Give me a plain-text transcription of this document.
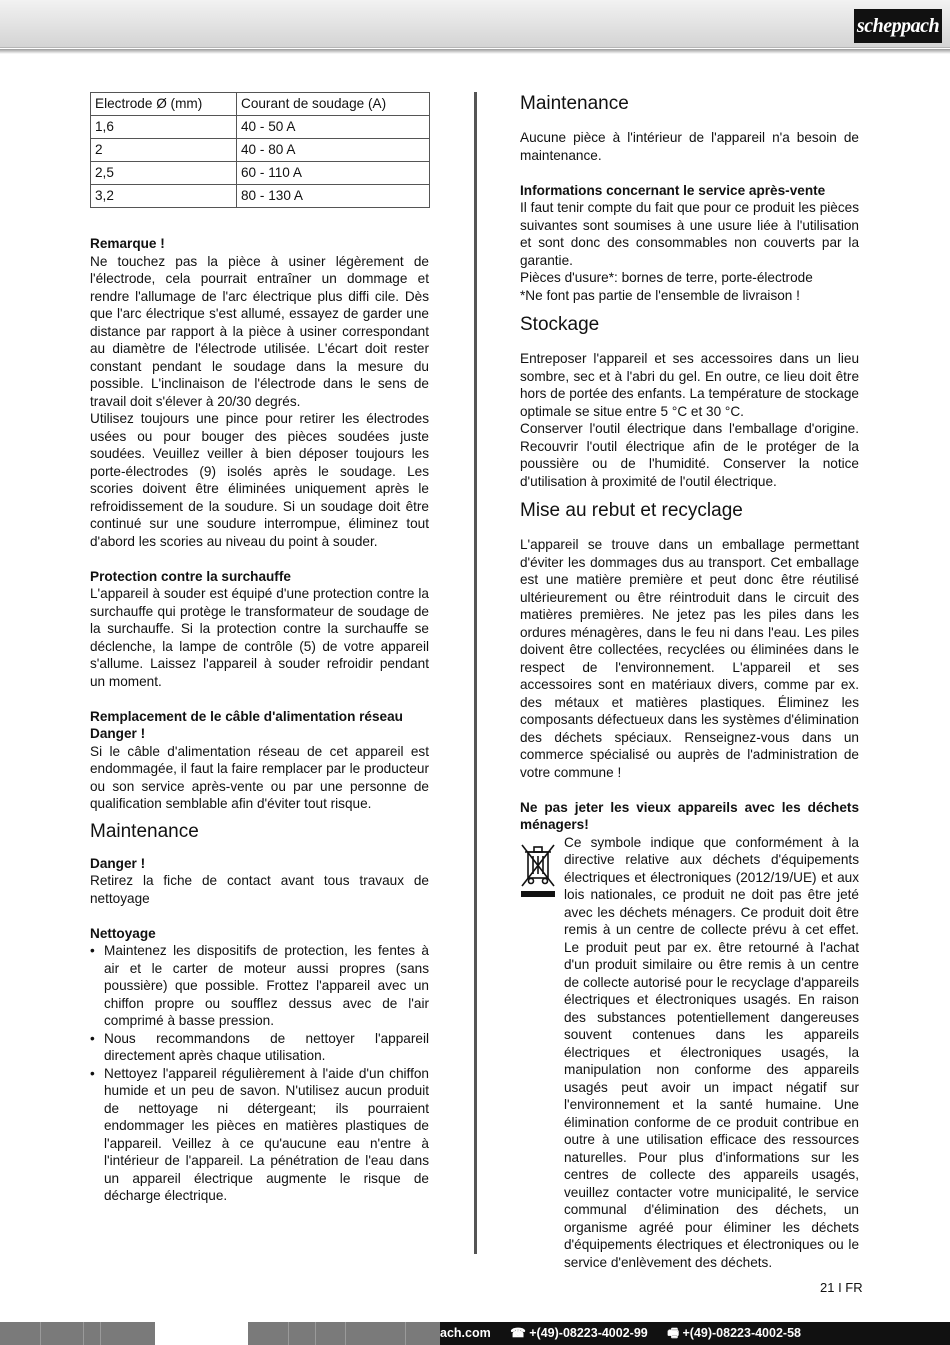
scheppach
Electrode Ø (mm)	Courant de soudage (A)
1,6	40 - 50 A
2	40 - 80 A
2,5	60 - 110 A
3,2	80 - 130 A

Remarque !

Ne touchez pas la pièce à usiner légèrement de l'électrode, cela pourrait entraîner un dommage et rendre l'allumage de l'arc électrique plus diffi cile. Dès que l'arc électrique s'est allumé, essayez de garder une distance par rapport à la pièce à usiner correspondant au diamètre de l'électrode utilisée. L'écart doit rester constant pendant le soudage dans la mesure du possible. L'inclinaison de l'électrode dans le sens de travail doit s'élever à 20/30 degrés.

Utilisez toujours une pince pour retirer les électrodes usées ou pour bouger des pièces soudées juste soudées. Veuillez veiller à bien déposer toujours les porte-électrodes (9) isolés après le soudage. Les scories doivent être éliminées uniquement après le refroidissement de la soudure. Si un soudage doit être continué sur une soudure interrompue, éliminez tout d'abord les scories au niveau du point à souder.

Protection contre la surchauffe

L'appareil à souder est équipé d'une protection contre la surchauffe qui protège le transformateur de soudage de la surchauffe. Si la protection contre la surchauffe se déclenche, la lampe de contrôle (5) de votre appareil s'allume. Laissez l'appareil à souder refroidir pendant un moment.

Remplacement de le câble d'alimentation réseau

Danger !

Si le câble d'alimentation réseau de cet appareil est endommagée, il faut la faire remplacer par le producteur ou son service après-vente ou par une personne de qualification semblable afin d'éviter tout risque.

Maintenance

Danger !

Retirez la fiche de contact avant tous travaux de nettoyage

Nettoyage

• Maintenez les dispositifs de protection, les fentes à air et le carter de moteur aussi propres (sans poussière) que possible. Frottez l'appareil avec un chiffon propre ou soufflez dessus avec de l'air comprimé à basse pression.
• Nous recommandons de nettoyer l'appareil directement après chaque utilisation.
• Nettoyez l'appareil régulièrement à l'aide d'un chiffon humide et un peu de savon. N'utilisez aucun produit de nettoyage ni détergeant; ils pourraient endommager les pièces en matières plastiques de l'appareil. Veillez à ce qu'aucune eau n'entre à l'intérieur de l'appareil. La pénétration de l'eau dans un appareil électrique augmente le risque de décharge électrique.
Maintenance

Aucune pièce à l'intérieur de l'appareil n'a besoin de maintenance.

Informations concernant le service après-vente

Il faut tenir compte du fait que pour ce produit les pièces suivantes sont soumises à une usure liée à l'utilisation et sont donc des consommables non couverts par la garantie.

Pièces d'usure*: bornes de terre, porte-électrode

*Ne font pas partie de l'ensemble de livraison !

Stockage

Entreposer l'appareil et ses accessoires dans un lieu sombre, sec et à l'abri du gel. En outre, ce lieu doit être hors de portée des enfants. La température de stockage optimale se situe entre 5 °C et 30 °C.

Conserver l'outil électrique dans l'emballage d'origine. Recouvrir l'outil électrique afin de le protéger de la poussière ou de l'humidité. Conserver la notice d'utilisation à proximité de l'outil électrique.

Mise au rebut et recyclage

L'appareil se trouve dans un emballage permettant d'éviter les dommages dus au transport. Cet emballage est une matière première et peut donc être réutilisé ultérieurement ou être réintroduit dans le circuit des matières premières. Ne jetez pas les piles dans les ordures ménagères, dans le feu ni dans l'eau. Les piles doivent être collectées, recyclées ou éliminées dans le respect de l'environnement. L'appareil et ses accessoires sont en matériaux divers, comme par ex. des métaux et matières plastiques. Éliminez les composants défectueux dans les systèmes d'élimination des déchets spéciaux. Renseignez-vous dans un commerce spécialisé ou auprès de l'administration de votre commune !

Ne pas jeter les vieux appareils avec les déchets ménagers!

Ce symbole indique que conformément à la directive relative aux déchets d'équipements électriques et électroniques (2012/19/UE) et aux lois nationales, ce produit ne doit pas être jeté avec les déchets ménagers. Ce produit doit être remis à un centre de collecte prévu à cet effet. Le produit peut par ex. être retourné à l'achat d'un produit similaire ou être remis à un centre de collecte autorisé pour le recyclage d'appareils électriques et électroniques usagés. En raison des substances potentiellement dangereuses souvent contenues dans les appareils électriques et électroniques usagés, la manipulation non conforme des appareils usagés peut avoir un impact négatif sur l'environnement et la santé humaine. Une élimination conforme de ce produit contribue en outre à une utilisation efficace des ressources naturelles. Pour plus d'informations sur les centres de collecte des appareils usagés, veuillez contacter votre municipalité, le service communal d'élimination des déchets, un organisme agréé pour éliminer les déchets d'équipements électriques et électroniques ou le service d'enlèvement des déchets.

21 I FR
ach.com ☎ +(49)-08223-4002-99 🖷 +(49)-08223-4002-58
